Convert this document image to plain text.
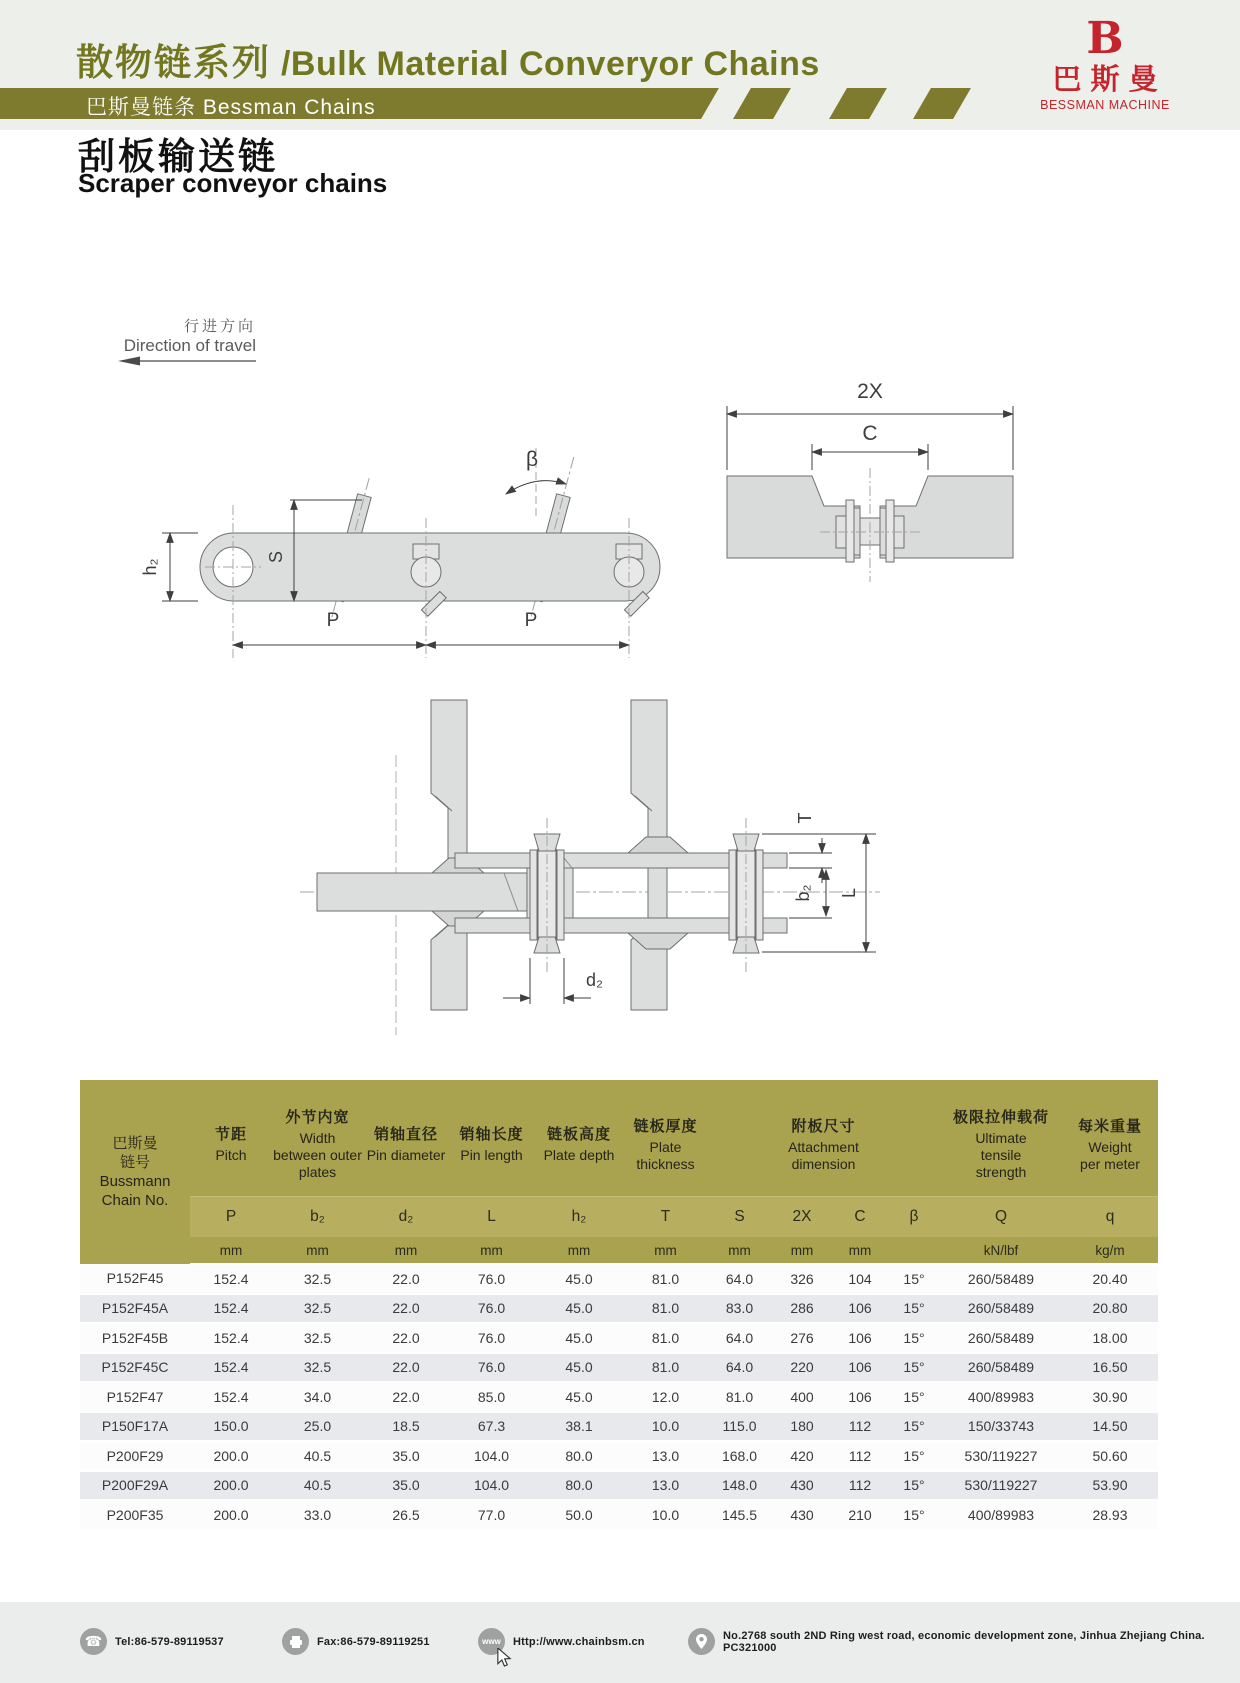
散物链系列 /Bulk Material Converyor Chains
巴斯曼链条 Bessman Chains
B
巴斯曼
BESSMAN MACHINE
刮板输送链
Scraper conveyor chains
行进方向
Direction of travel
h₂
S
β
P	P
2X
C
T
b₂ L
d₂
巴斯曼
链号
Bussmann
Chain No.

节距
Pitch

外节内宽
Width between outer plates

销轴直径
Pin diameter

销轴长度
Pin length

链板高度
Plate depth

链板厚度
Plate thickness

附板尺寸
Attachment dimension

极限拉伸载荷
Ultimate tensile strength

每米重量
Weight per meter

	P	b₂	d₂	L	h₂	T	S	2X	C	β	Q	q
	mm	mm	mm	mm	mm	mm	mm	mm	mm		kN/lbf	kg/m
P152F45	152.4	32.5	22.0	76.0	45.0	81.0	64.0	326	104	15°	260/58489	20.40
P152F45A	152.4	32.5	22.0	76.0	45.0	81.0	83.0	286	106	15°	260/58489	20.80
P152F45B	152.4	32.5	22.0	76.0	45.0	81.0	64.0	276	106	15°	260/58489	18.00
P152F45C	152.4	32.5	22.0	76.0	45.0	81.0	64.0	220	106	15°	260/58489	16.50
P152F47	152.4	34.0	22.0	85.0	45.0	12.0	81.0	400	106	15°	400/89983	30.90
P150F17A	150.0	25.0	18.5	67.3	38.1	10.0	115.0	180	112	15°	150/33743	14.50
P200F29	200.0	40.5	35.0	104.0	80.0	13.0	168.0	420	112	15°	530/119227	50.60
P200F29A	200.0	40.5	35.0	104.0	80.0	13.0	148.0	430	112	15°	530/119227	53.90
P200F35	200.0	33.0	26.5	77.0	50.0	10.0	145.5	430	210	15°	400/89983	28.93
☎	Tel:86-579-89119537	Fax:86-579-89119251	www	Http://www.chainbsm.cn	No.2768 south 2ND Ring west road, economic development zone, Jinhua Zhejiang China. PC321000
